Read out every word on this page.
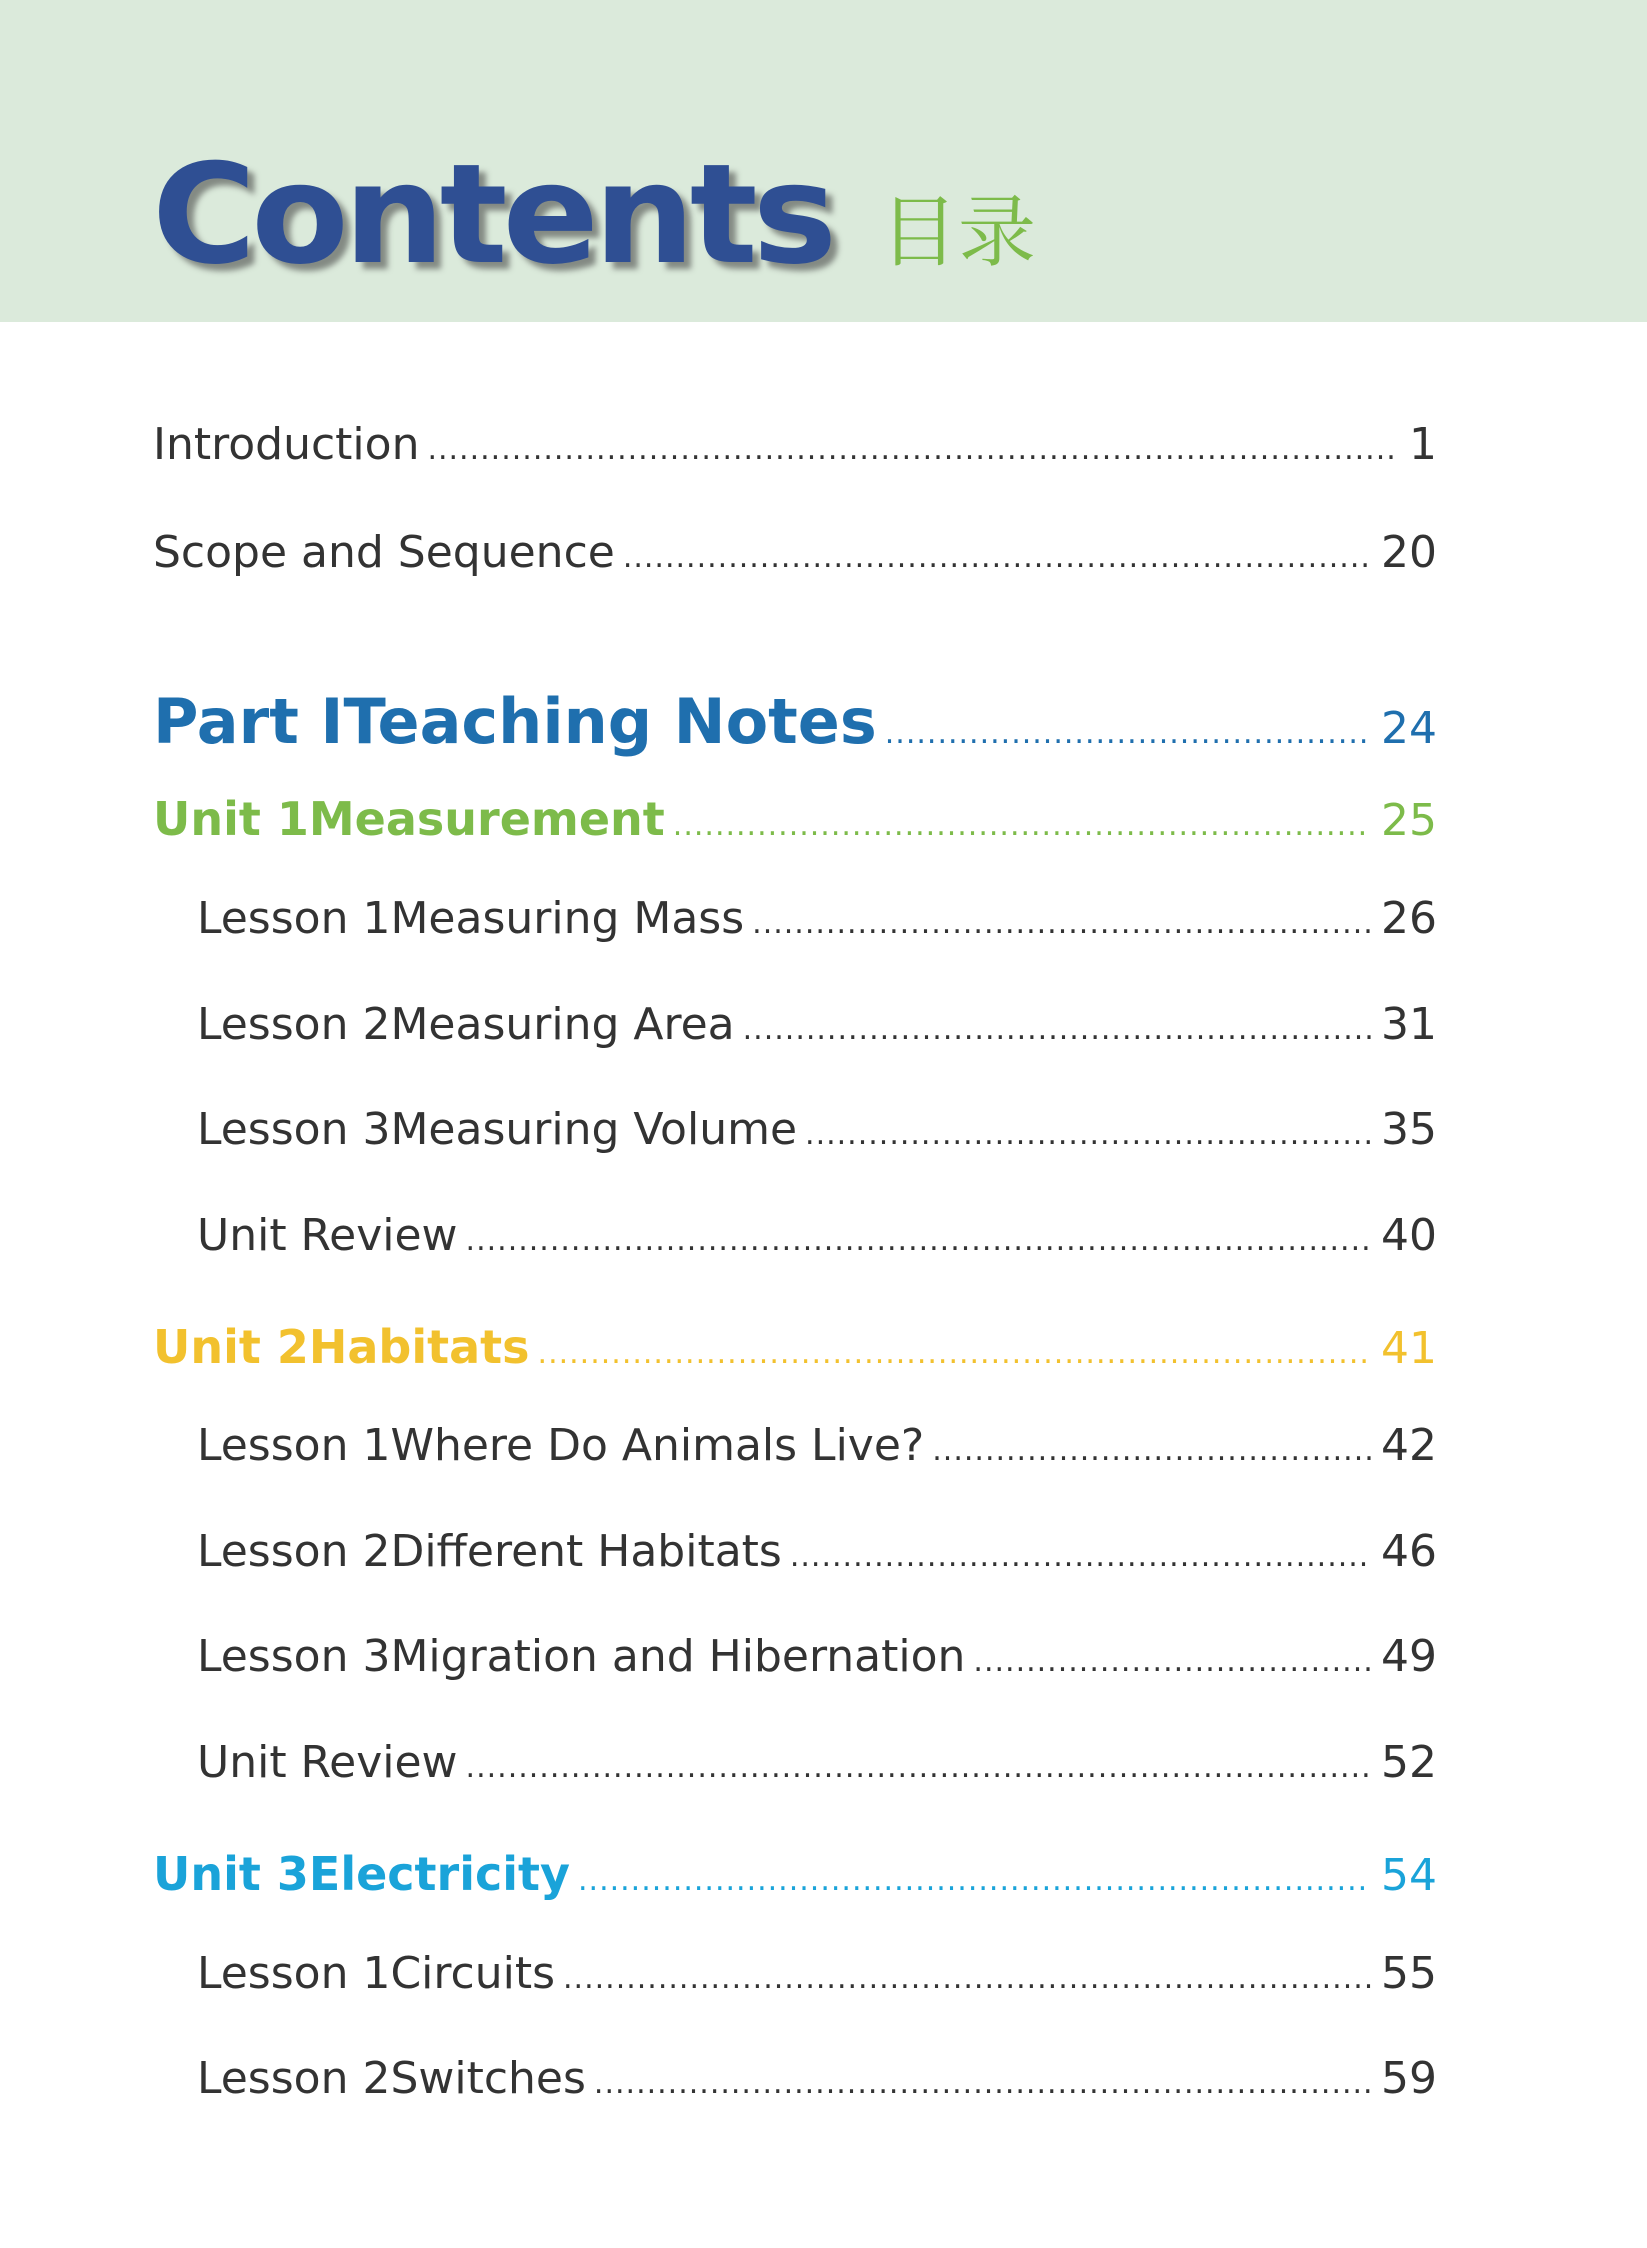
Contents 目录
Introduction .....	1
Scope and Sequence .....	20
Part I Teaching Notes .....	24
Unit 1 Measurement .....	25
Lesson 1 Measuring Mass .....	26
Lesson 2 Measuring Area .....	31
Lesson 3 Measuring Volume .....	35
Unit Review .....	40
Unit 2 Habitats .....	41
Lesson 1 Where Do Animals Live? .....	42
Lesson 2 Different Habitats .....	46
Lesson 3 Migration and Hibernation .....	49
Unit Review .....	52
Unit 3 Electricity .....	54
Lesson 1 Circuits .....	55
Lesson 2 Switches .....	59
